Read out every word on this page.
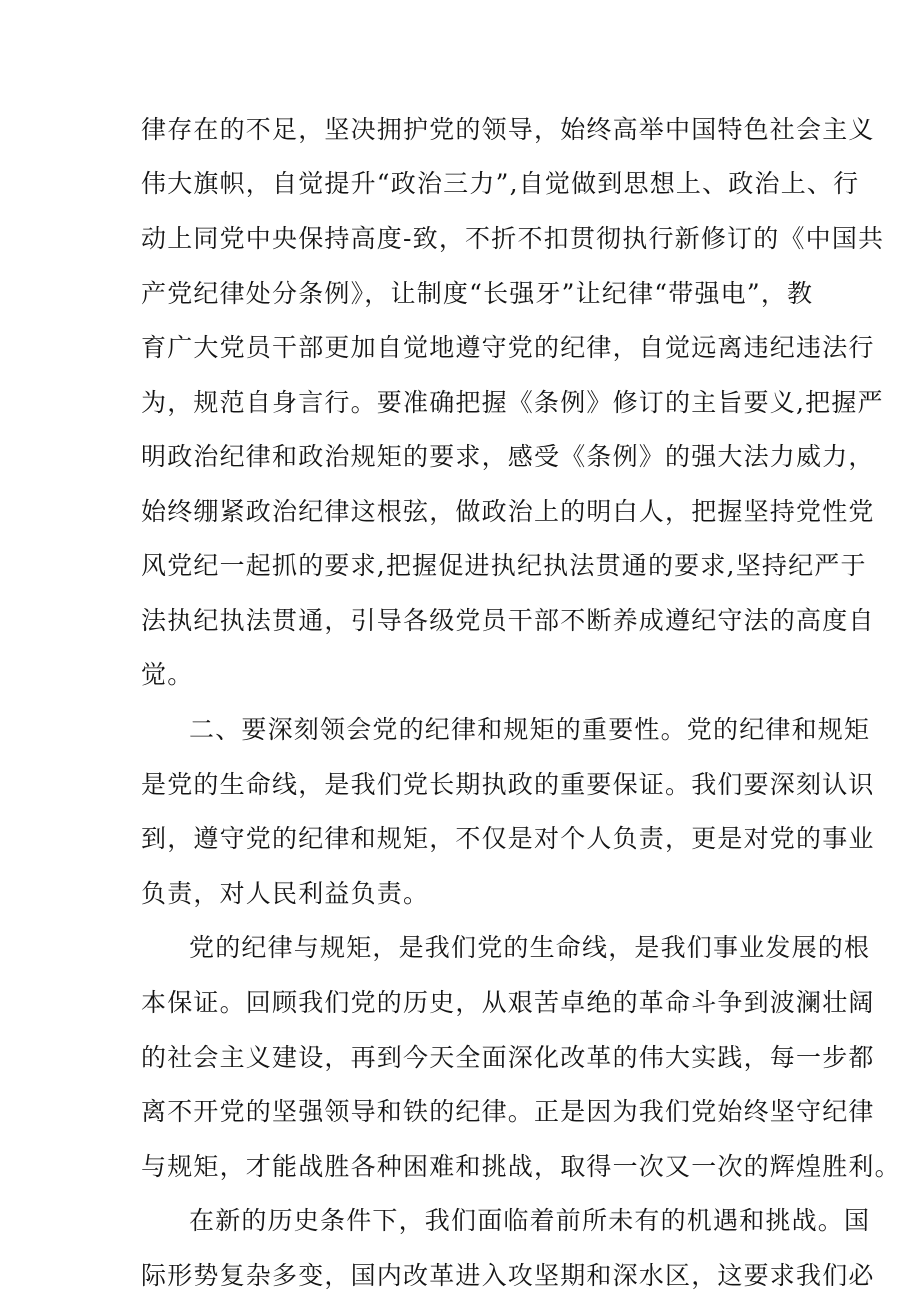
律存在的不足，坚决拥护党的领导，始终高举中国特色社会主义
伟大旗帜，自觉提升“政治三力”,自觉做到思想上、政治上、行
动上同党中央保持高度-致，不折不扣贯彻执行新修订的《中国共
产党纪律处分条例》，让制度“长强牙”让纪律“带强电”，教
育广大党员干部更加自觉地遵守党的纪律，自觉远离违纪违法行
为，规范自身言行。要准确把握《条例》修订的主旨要义,把握严
明政治纪律和政治规矩的要求，感受《条例》的强大法力威力，
始终绷紧政治纪律这根弦，做政治上的明白人，把握坚持党性党
风党纪一起抓的要求,把握促进执纪执法贯通的要求,坚持纪严于
法执纪执法贯通，引导各级党员干部不断养成遵纪守法的高度自
觉。
二、要深刻领会党的纪律和规矩的重要性。党的纪律和规矩
是党的生命线，是我们党长期执政的重要保证。我们要深刻认识
到，遵守党的纪律和规矩，不仅是对个人负责，更是对党的事业
负责，对人民利益负责。
党的纪律与规矩，是我们党的生命线，是我们事业发展的根
本保证。回顾我们党的历史，从艰苦卓绝的革命斗争到波澜壮阔
的社会主义建设，再到今天全面深化改革的伟大实践，每一步都
离不开党的坚强领导和铁的纪律。正是因为我们党始终坚守纪律
与规矩，才能战胜各种困难和挑战，取得一次又一次的辉煌胜利。
在新的历史条件下，我们面临着前所未有的机遇和挑战。国
际形势复杂多变，国内改革进入攻坚期和深水区，这要求我们必
